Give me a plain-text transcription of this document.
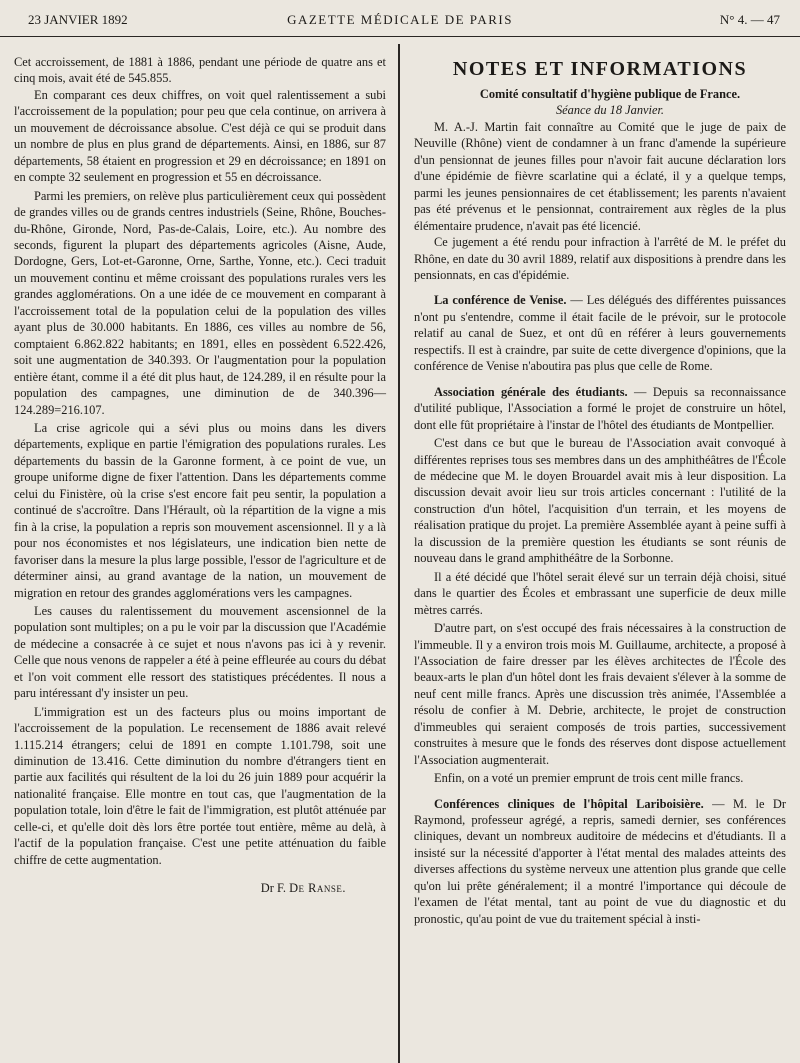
23 JANVIER 1892	GAZETTE MÉDICALE DE PARIS	N° 4. — 47

Cet accroissement, de 1881 à 1886, pendant une période de quatre ans et cinq mois, avait été de 545.855.

En comparant ces deux chiffres, on voit quel ralentissement a subi l'accroissement de la population; pour peu que cela continue, on arrivera à un mouvement de décroissance absolue. C'est déjà ce qui se produit dans un nombre de plus en plus grand de départements. Ainsi, en 1886, sur 87 départements, 58 étaient en progression et 29 en décroissance; en 1891 on en compte 32 seulement en progression et 55 en décroissance.

Parmi les premiers, on relève plus particulièrement ceux qui possèdent de grandes villes ou de grands centres industriels (Seine, Rhône, Bouches-du-Rhône, Gironde, Nord, Pas-de-Calais, Loire, etc.). Au nombre des seconds, figurent la plupart des départements agricoles (Aisne, Aude, Dordogne, Gers, Lot-et-Garonne, Orne, Sarthe, Yonne, etc.). Ceci traduit un mouvement continu et même croissant des populations rurales vers les grandes agglomérations. On a une idée de ce mouvement en comparant à l'accroissement total de la population celui de la population des villes ayant plus de 30.000 habitants. En 1886, ces villes au nombre de 56, comptaient 6.862.822 habitants; en 1891, elles en possèdent 6.522.426, soit une augmentation de 340.393. Or l'augmentation pour la population entière étant, comme il a été dit plus haut, de 124.289, il en résulte pour la population des campagnes, une diminution de de 340.396—124.289=216.107.

La crise agricole qui a sévi plus ou moins dans les divers départements, explique en partie l'émigration des populations rurales. Les départements du bassin de la Garonne forment, à ce point de vue, un groupe uniforme digne de fixer l'attention. Dans les départements comme celui du Finistère, où la crise s'est encore fait peu sentir, la population a continué de s'accroître. Dans l'Hérault, où la répartition de la vigne a mis fin à la crise, la population a repris son mouvement ascensionnel. Il y a là pour nos économistes et nos législateurs, une indication bien nette de favoriser dans la mesure la plus large possible, l'essor de l'agriculture et de déterminer ainsi, au grand avantage de la nation, un mouvement de migration en retour des grandes agglomérations vers les campagnes.

Les causes du ralentissement du mouvement ascensionnel de la population sont multiples; on a pu le voir par la discussion que l'Académie de médecine a consacrée à ce sujet et nous n'avons pas ici à y revenir. Celle que nous venons de rappeler a été à peine effleurée au cours du débat et l'on voit comment elle ressort des statistiques précédentes. Il nous a paru intéressant d'y insister un peu.

L'immigration est un des facteurs plus ou moins important de l'accroissement de la population. Le recensement de 1886 avait relevé 1.115.214 étrangers; celui de 1891 en compte 1.101.798, soit une diminution de 13.416. Cette diminution du nombre d'étrangers tient en partie aux facilités qui résultent de la loi du 26 juin 1889 pour acquérir la nationalité française. Elle montre en tout cas, que l'augmentation de la population totale, loin d'être le fait de l'immigration, est plutôt atténuée par celle-ci, et qu'elle doit dès lors être portée tout entière, même au delà, à l'actif de la population française. C'est une petite atténuation du faible chiffre de cette augmentation.

Dr F. De Ranse.
NOTES ET INFORMATIONS

Comité consultatif d'hygiène publique de France.

Séance du 18 Janvier.

M. A.-J. Martin fait connaître au Comité que le juge de paix de Neuville (Rhône) vient de condamner à un franc d'amende la supérieure d'un pensionnat de jeunes filles pour n'avoir fait aucune déclaration lors d'une épidémie de fièvre scarlatine qui a éclaté, il y a quelque temps, parmi les jeunes pensionnaires de cet établissement; les parents n'avaient pas été prévenus et le pensionnat, contrairement aux règles de la plus élémentaire prudence, n'avait pas été licencié.

Ce jugement a été rendu pour infraction à l'arrêté de M. le préfet du Rhône, en date du 30 avril 1889, relatif aux dispositions à prendre dans les pensionnats, en cas d'épidémie.

La conférence de Venise. — Les délégués des différentes puissances n'ont pu s'entendre, comme il était facile de le prévoir, sur le protocole relatif au canal de Suez, et ont dû en référer à leurs gouvernements respectifs. Il est à craindre, par suite de cette divergence d'opinions, que la conférence de Venise n'aboutira pas plus que celle de Rome.

Association générale des étudiants. — Depuis sa reconnaissance d'utilité publique, l'Association a formé le projet de construire un hôtel, dont elle fût propriétaire à l'instar de l'hôtel des étudiants de Montpellier.

C'est dans ce but que le bureau de l'Association avait convoqué à différentes reprises tous ses membres dans un des amphithéâtres de l'École de médecine que M. le doyen Brouardel avait mis à leur disposition. La discussion devait avoir lieu sur trois articles concernant : l'utilité de la construction d'un hôtel, l'acquisition d'un terrain, et les moyens de réalisation pratique du projet. La première Assemblée ayant à peine suffi à la discussion de la première question les étudiants se sont réunis de nouveau dans le grand amphithéâtre de la Sorbonne.

Il a été décidé que l'hôtel serait élevé sur un terrain déjà choisi, situé dans le quartier des Écoles et embrassant une superficie de deux mille mètres carrés.

D'autre part, on s'est occupé des frais nécessaires à la construction de l'immeuble. Il y a environ trois mois M. Guillaume, architecte, a proposé à l'Association de faire dresser par les élèves architectes de l'École des beaux-arts le plan d'un hôtel dont les frais devaient s'élever à la somme de neuf cent mille francs. Après une discussion très animée, l'Assemblée a résolu de confier à M. Debrie, architecte, le projet de construction d'immeubles qui seraient composés de trois parties, successivement construites à mesure que le fonds des réserves dont dispose actuellement l'Association augmenterait.

Enfin, on a voté un premier emprunt de trois cent mille francs.

Conférences cliniques de l'hôpital Lariboisière. — M. le Dr Raymond, professeur agrégé, a repris, samedi dernier, ses conférences cliniques, devant un nombreux auditoire de médecins et d'étudiants. Il a insisté sur la nécessité d'apporter à l'état mental des malades atteints des diverses affections du système nerveux une attention plus grande que celle qu'on lui prête généralement; il a montré l'importance qui découle de l'examen de l'état mental, tant au point de vue du diagnostic et du pronostic, qu'au point de vue du traitement spécial à insti-
